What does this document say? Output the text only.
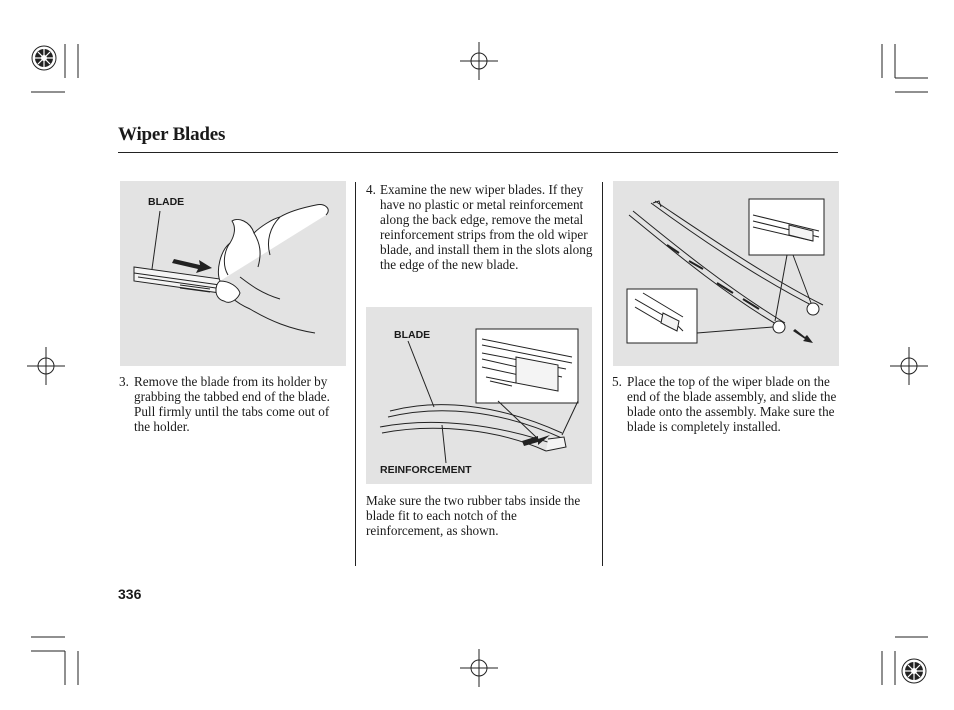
Wiper Blades
BLADE
3. Remove the blade from its holder by grabbing the tabbed end of the blade. Pull firmly until the tabs come out of the holder.
4. Examine the new wiper blades. If they have no plastic or metal reinforcement along the back edge, remove the metal reinforcement strips from the old wiper blade, and install them in the slots along the edge of the new blade.
BLADE
REINFORCEMENT
Make sure the two rubber tabs inside the blade fit to each notch of the reinforcement, as shown.
5. Place the top of the wiper blade on the end of the blade assembly, and slide the blade onto the assembly. Make sure the blade is completely installed.
336
